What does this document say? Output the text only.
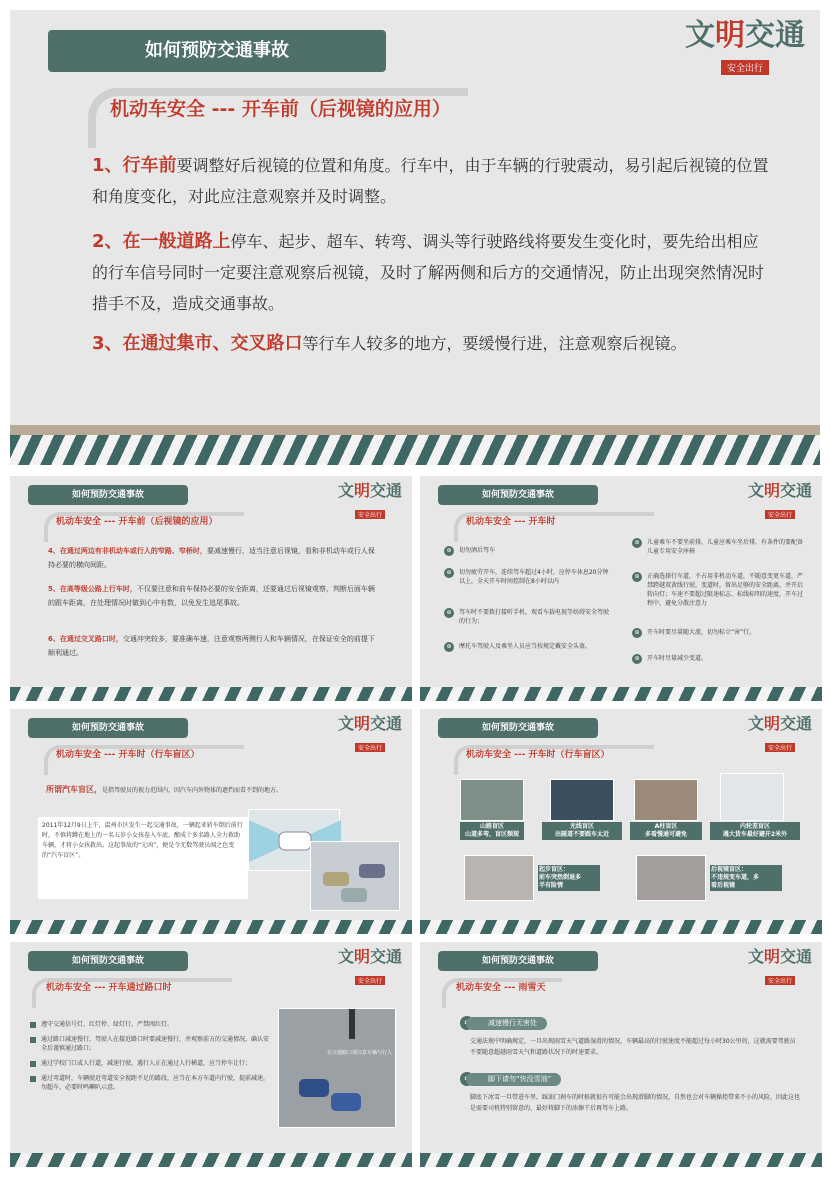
如何预防交通事故	文明交通
安全出行
机动车安全 --- 开车前（后视镜的应用）
1、行车前要调整好后视镜的位置和角度。行车中，由于车辆的行驶震动，易引起后视镜的位置和角度变化，对此应注意观察并及时调整。
2、在一般道路上停车、起步、超车、转弯、调头等行驶路线将要发生变化时，要先给出相应的行车信号同时一定要注意观察后视镜，及时了解两侧和后方的交通情况，防止出现突然情况时措手不及，造成交通事故。
3、在通过集市、交叉路口等行车人较多的地方，要缓慢行进，注意观察后视镜。
如何预防交通事故	文明交通
安全出行
机动车安全 --- 开车前（后视镜的应用）
4、在通过两边有非机动车或行人的窄路、窄桥时，要减速慢行，适当注意后视镜，看和非机动车或行人保持必要的横向间距。
5、在高等级公路上行车时，不仅要注意和前车保持必要的安全距离，还要通过后视镜观察，判断后面车辆的跟车距离，在处理情况时做到心中有数，以免发生追尾事故。
6、在通过交叉路口时，交通冲突较多，要准确车速，注意观察两侧行人和车辆情况，在保证安全的前提下顺利通过。
如何预防交通事故	文明交通
安全出行
机动车安全 --- 开车时
⊛	切勿酒后驾车
⊛	切勿疲劳开车，连续驾车超过4小时，应停车休息20分钟以上，全天开车时间控制在8小时以内
⊛	驾车时不要拨打接听手机，观看车载电视等妨碍安全驾驶的行为；
⊛	摩托车驾驶人及乘坐人员应当按规定戴安全头盔。
⊛	儿童乘车不要坐前排，儿童应乘车坐后排，有条件的要配备儿童专用安全座椅
⊛	正确选择行车道，不占用非机动车道，不随意变更车道，严禁跨越双黄线行驶，变道时，留出足够的安全距离，并开启转向灯；车速不要超过限速标志、标线标明的速度，开车过程中，避免分散注意力
⊛	开车时要尽量随大流，切勿标立“害”行。
⊛	开车时尽量减少变道。
如何预防交通事故	文明交通
安全出行
机动车安全 --- 开车时（行车盲区）
所谓汽车盲区，是指驾驶员的视力范围内，因汽车内外物体的遮挡而看不到的地方。
2011年12月9日上午，温州市区发生一起交通事故，一辆起亚轿车倒后前行时，不慎将蹲在地上的一名五岁小女孩卷入车底，酿成十多名路人全力救助车辆，才将小女孩救出。这起事故的“元凶”，便是令无数驾驶员闻之色变的“汽车盲区”。
如何预防交通事故	文明交通
安全出行
机动车安全 --- 开车时（行车盲区）
山路盲区
山道多弯，盲区频现
光线盲区
出隧道不要跟车太近
A柱盲区
多看慢通可避免
内轮差盲区
遇大货车最好避开2米外
起步盲区：
前车突然倒退多
半有险情
后视镜盲区：
不违规变车道，多
看后视镜
如何预防交通事故	文明交通
安全出行
机动车安全 --- 开车通过路口时
遵守交通信号灯，红灯停、绿灯行，严禁闯红灯。
通过路口减速慢行，驾驶人在接近路口时要减速慢行，并观察前方的交通情况，确认安全后谨慎通过路口；
通过学校门口或人行道，减速行驶，遇行人正在通过人行横道，应当停车让行；
通过弯道时，车辆驶近弯道安全视距不足的路段，应当在本方车道内行驶，提前减速，勿超车，必要时鸣喇叭示意。
在交通路口请注意车辆与行人
如何预防交通事故	文明交通
安全出行
机动车安全 --- 雨雪天
减速慢行无害处
交通法规中明确规定，一旦出现雨雪天气道路湿滑的情况，车辆最高的行驶速度不能超过每小时30公里的，这就需要驾驶员不要随意超越雨雪天气和道路状况下的时速要求。
脚下请勿“快没雪油”
脚底下冰雪一旦带进车里，踩油门刹车的时候就很有可能会出现滑脚的情况，自然也会对车辆操控带来不小的风险，因此这也是需要司机特别留意的，最好将脚下的冰擦干后再驾车上路。
